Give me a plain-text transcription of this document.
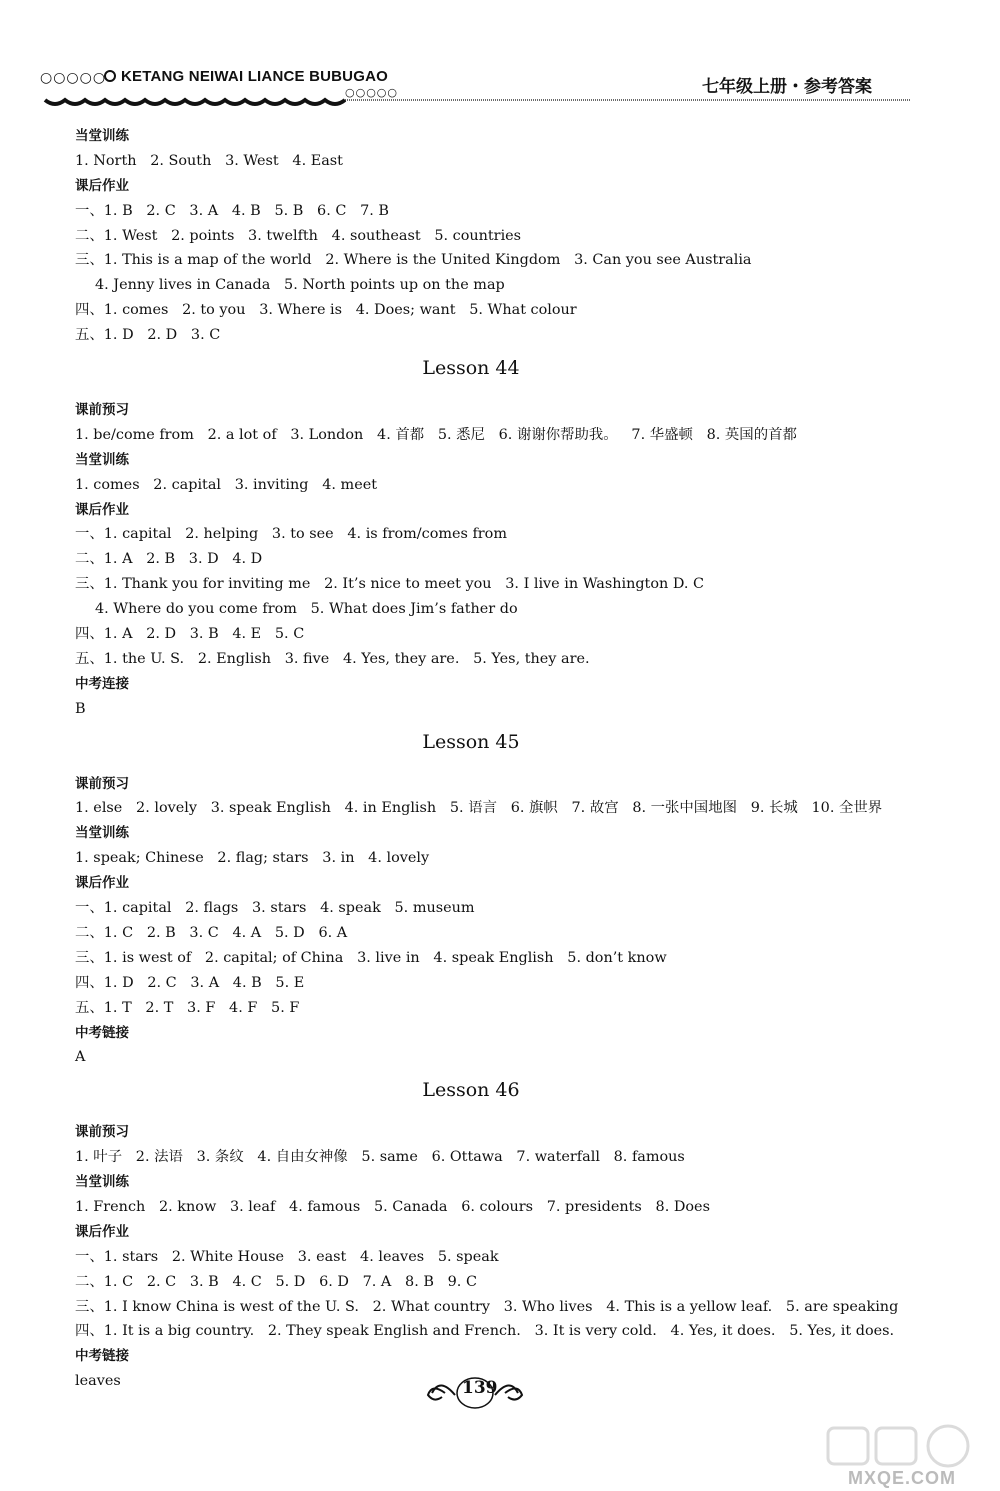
○○○○○ KETANG NEIWAI LIANCE BUBUGAO
○○○○○	七年级上册・参考答案
当堂训练
1. North   2. South   3. West   4. East
课后作业
一、1. B   2. C   3. A   4. B   5. B   6. C   7. B
二、1. West   2. points   3. twelfth   4. southeast   5. countries
三、1. This is a map of the world   2. Where is the United Kingdom   3. Can you see Australia
4. Jenny lives in Canada   5. North points up on the map
四、1. comes   2. to you   3. Where is   4. Does; want   5. What colour
五、1. D   2. D   3. C
Lesson 44
课前预习
1. be/come from   2. a lot of   3. London   4. 首都   5. 悉尼   6. 谢谢你帮助我。   7. 华盛顿   8. 英国的首都
当堂训练
1. comes   2. capital   3. inviting   4. meet
课后作业
一、1. capital   2. helping   3. to see   4. is from/comes from
二、1. A   2. B   3. D   4. D
三、1. Thank you for inviting me   2. It’s nice to meet you   3. I live in Washington D. C
4. Where do you come from   5. What does Jim’s father do
四、1. A   2. D   3. B   4. E   5. C
五、1. the U. S.   2. English   3. five   4. Yes, they are.   5. Yes, they are.
中考连接
B
Lesson 45
课前预习
1. else   2. lovely   3. speak English   4. in English   5. 语言   6. 旗帜   7. 故宫   8. 一张中国地图   9. 长城   10. 全世界
当堂训练
1. speak; Chinese   2. flag; stars   3. in   4. lovely
课后作业
一、1. capital   2. flags   3. stars   4. speak   5. museum
二、1. C   2. B   3. C   4. A   5. D   6. A
三、1. is west of   2. capital; of China   3. live in   4. speak English   5. don’t know
四、1. D   2. C   3. A   4. B   5. E
五、1. T   2. T   3. F   4. F   5. F
中考链接
A
Lesson 46
课前预习
1. 叶子   2. 法语   3. 条纹   4. 自由女神像   5. same   6. Ottawa   7. waterfall   8. famous
当堂训练
1. French   2. know   3. leaf   4. famous   5. Canada   6. colours   7. presidents   8. Does
课后作业
一、1. stars   2. White House   3. east   4. leaves   5. speak
二、1. C   2. C   3. B   4. C   5. D   6. D   7. A   8. B   9. C
三、1. I know China is west of the U. S.   2. What country   3. Who lives   4. This is a yellow leaf.   5. are speaking
四、1. It is a big country.   2. They speak English and French.   3. It is very cold.   4. Yes, it does.   5. Yes, it does.
中考链接
leaves	139
MXQE.COM
